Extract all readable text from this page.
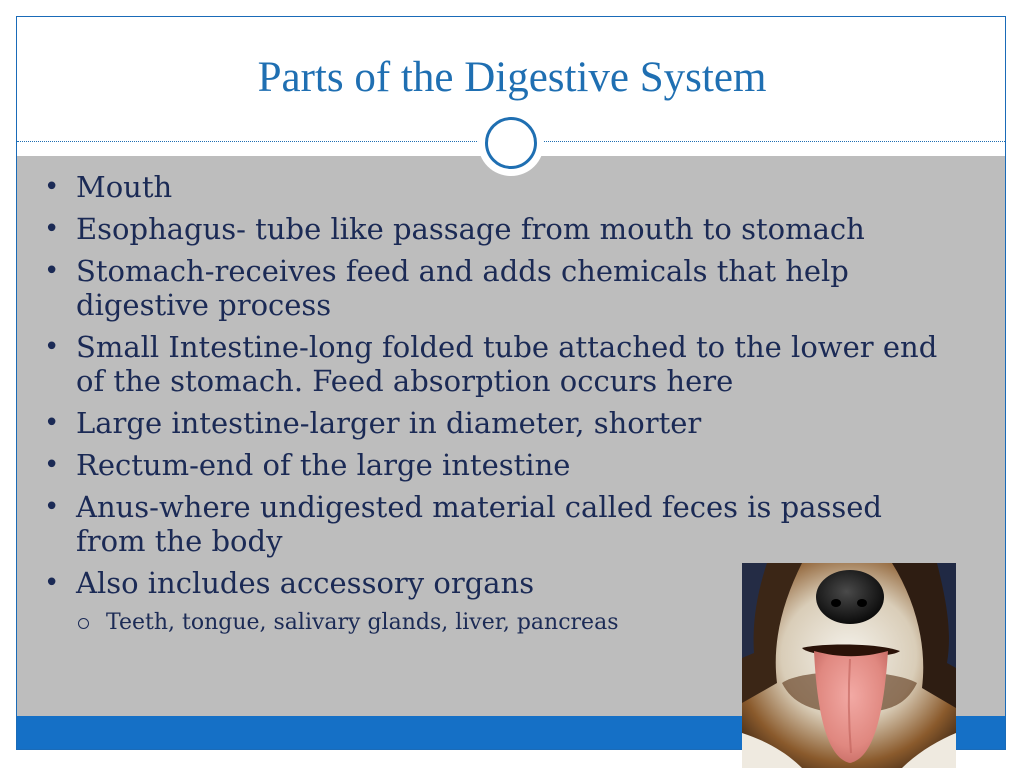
Parts of the Digestive System
• Mouth
• Esophagus- tube like passage from mouth to stomach
• Stomach-receives feed and adds chemicals that help digestive process
• Small Intestine-long folded tube attached to the lower end of the stomach. Feed absorption occurs here
• Large intestine-larger in diameter, shorter
• Rectum-end of the large intestine
• Anus-where undigested material called feces is passed from the body
• Also includes accessory organs
Teeth, tongue, salivary glands, liver, pancreas
